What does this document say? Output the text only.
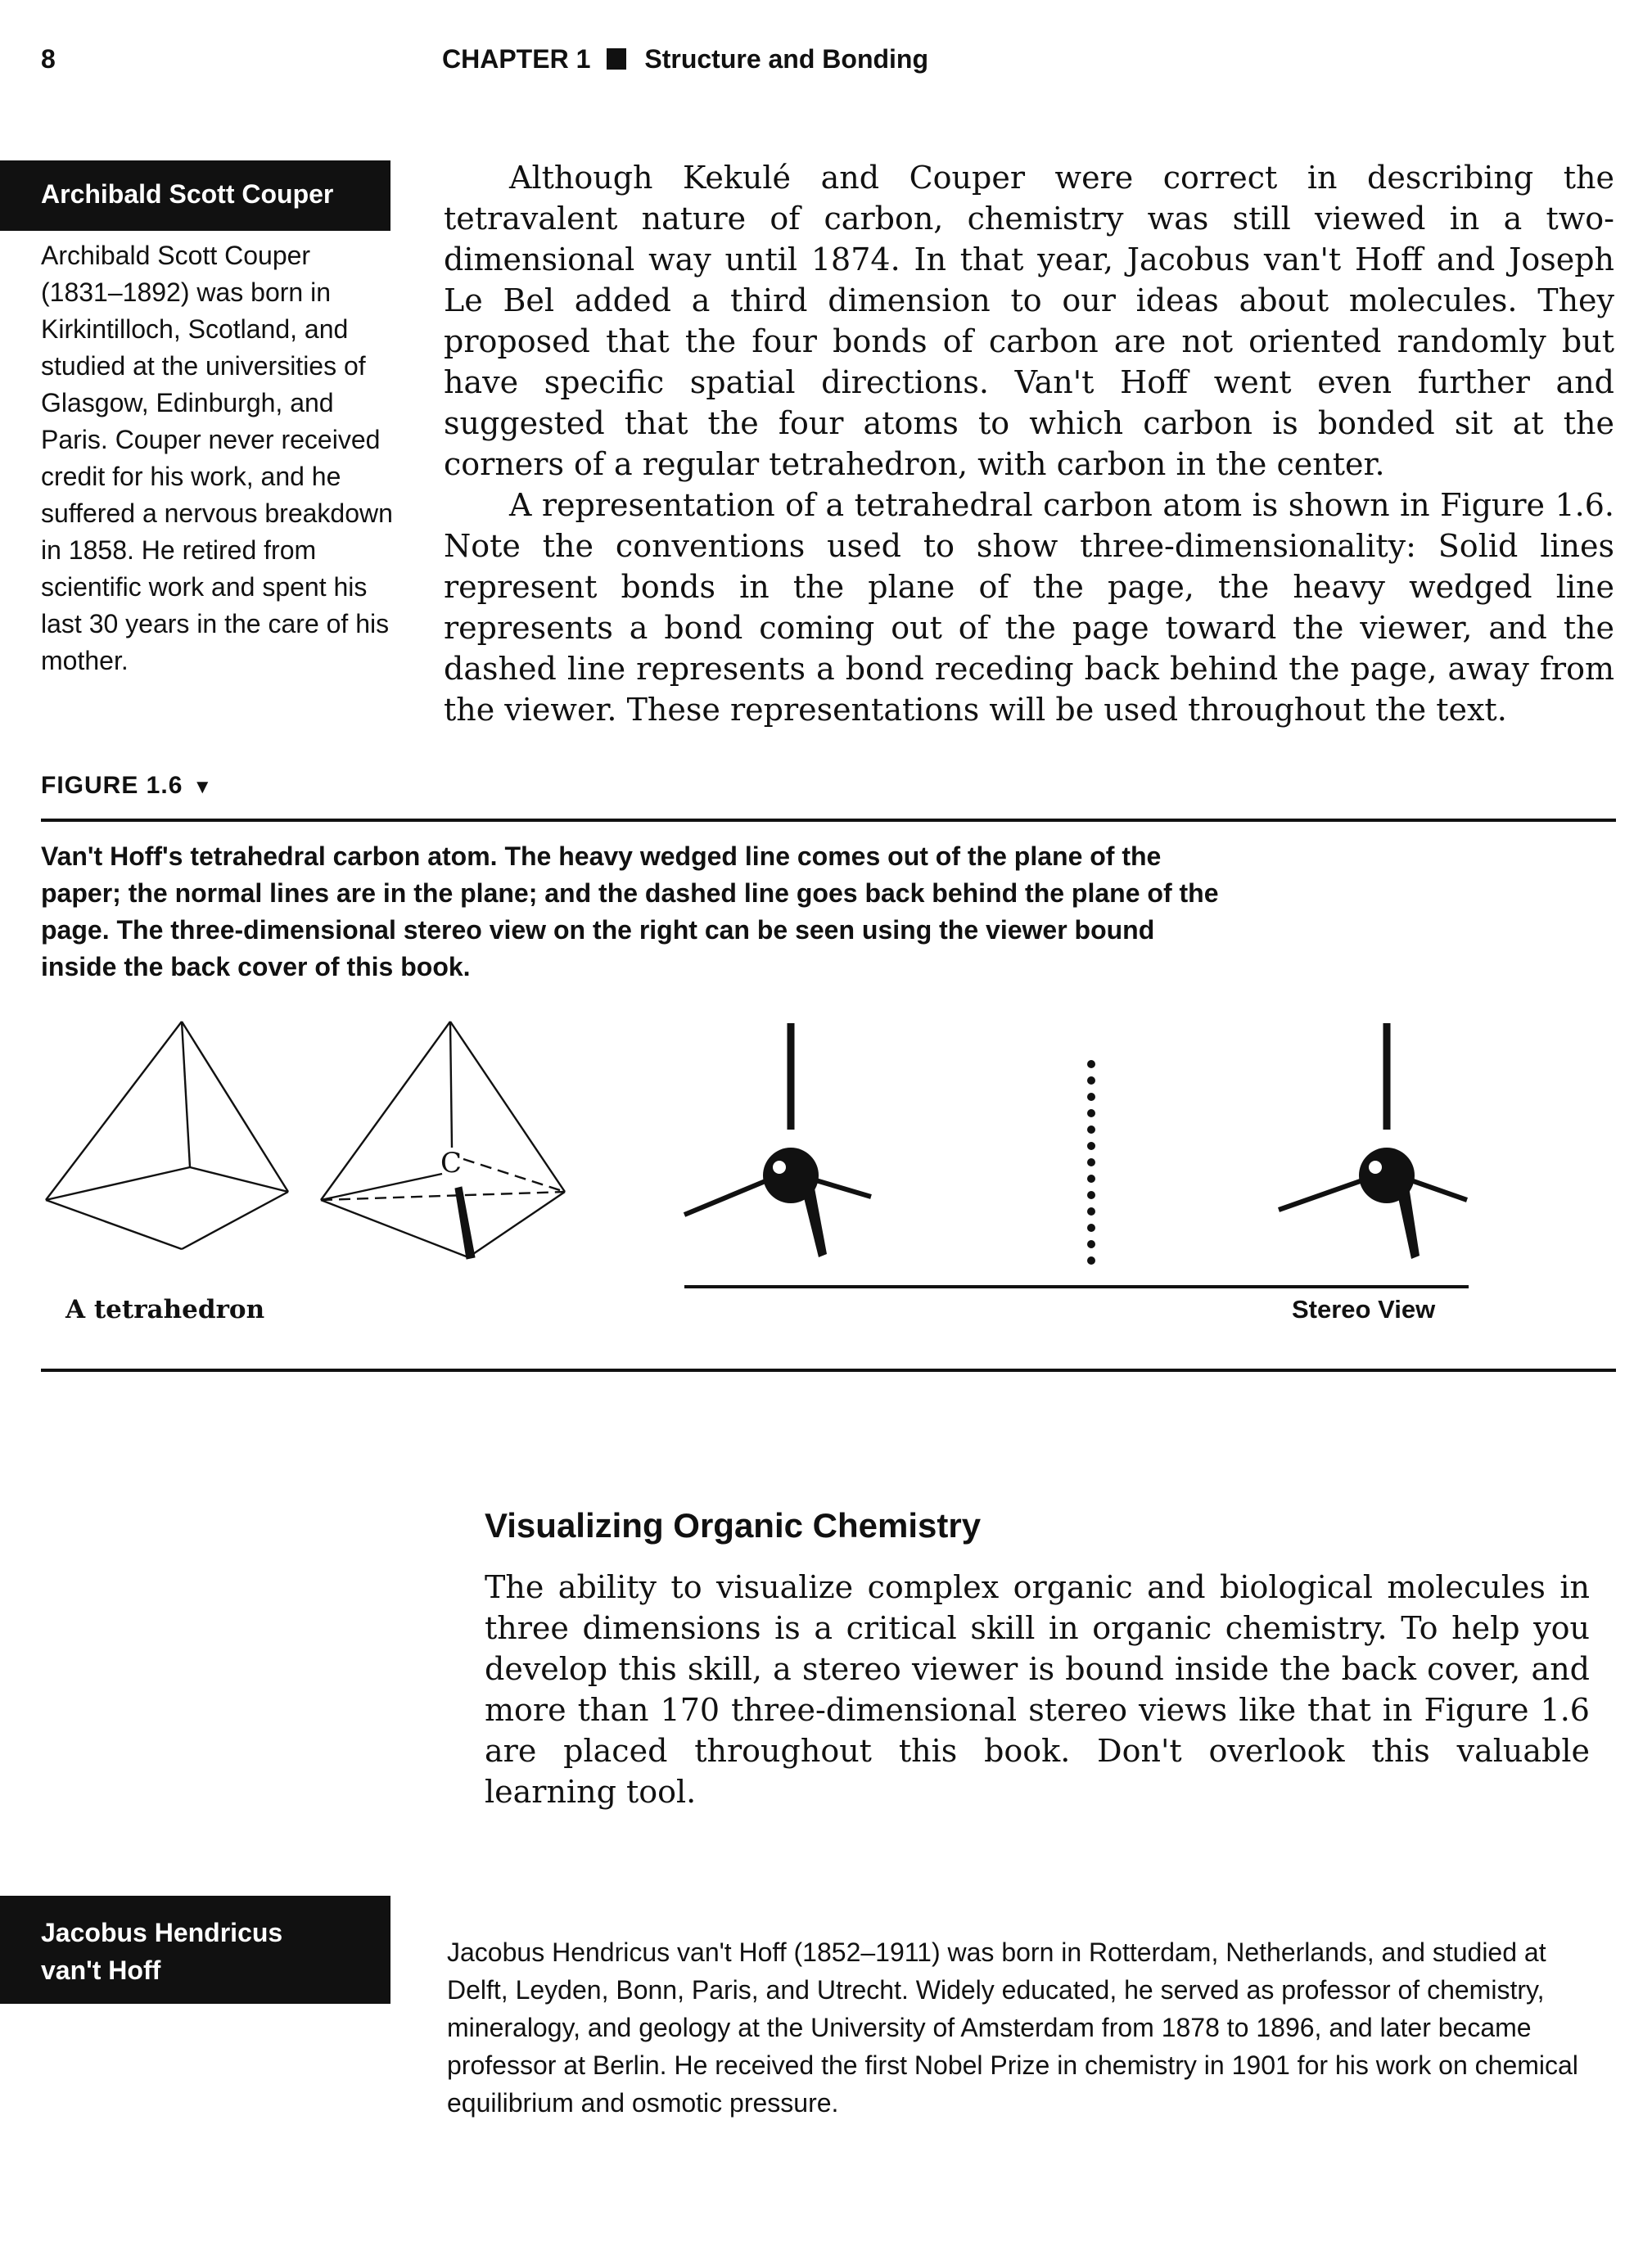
8	CHAPTER 1 Structure and Bonding
Archibald Scott Couper
Archibald Scott Couper (1831–1892) was born in Kirkintilloch, Scotland, and studied at the universities of Glasgow, Edinburgh, and Paris. Couper never received credit for his work, and he suffered a nervous breakdown in 1858. He retired from scientific work and spent his last 30 years in the care of his mother.

Although Kekulé and Couper were correct in describing the tetravalent nature of carbon, chemistry was still viewed in a two-dimensional way until 1874. In that year, Jacobus van't Hoff and Joseph Le Bel added a third dimension to our ideas about molecules. They proposed that the four bonds of carbon are not oriented randomly but have specific spatial directions. Van't Hoff went even further and suggested that the four atoms to which carbon is bonded sit at the corners of a regular tetrahedron, with carbon in the center.

A representation of a tetrahedral carbon atom is shown in Figure 1.6. Note the conventions used to show three-dimensionality: Solid lines represent bonds in the plane of the page, the heavy wedged line represents a bond coming out of the page toward the viewer, and the dashed line represents a bond receding back behind the page, away from the viewer. These representations will be used throughout the text.

FIGURE 1.6 ▼
Van't Hoff's tetrahedral carbon atom. The heavy wedged line comes out of the plane of the paper; the normal lines are in the plane; and the dashed line goes back behind the plane of the page. The three-dimensional stereo view on the right can be seen using the viewer bound inside the back cover of this book.
C
A tetrahedron	Stereo View
Visualizing Organic Chemistry

The ability to visualize complex organic and biological molecules in three dimensions is a critical skill in organic chemistry. To help you develop this skill, a stereo viewer is bound inside the back cover, and more than 170 three-dimensional stereo views like that in Figure 1.6 are placed throughout this book. Don't overlook this valuable learning tool.

Jacobus Hendricus
van't Hoff

Jacobus Hendricus van't Hoff (1852–1911) was born in Rotterdam, Netherlands, and studied at Delft, Leyden, Bonn, Paris, and Utrecht. Widely educated, he served as professor of chemistry, mineralogy, and geology at the University of Amsterdam from 1878 to 1896, and later became professor at Berlin. He received the first Nobel Prize in chemistry in 1901 for his work on chemical equilibrium and osmotic pressure.
